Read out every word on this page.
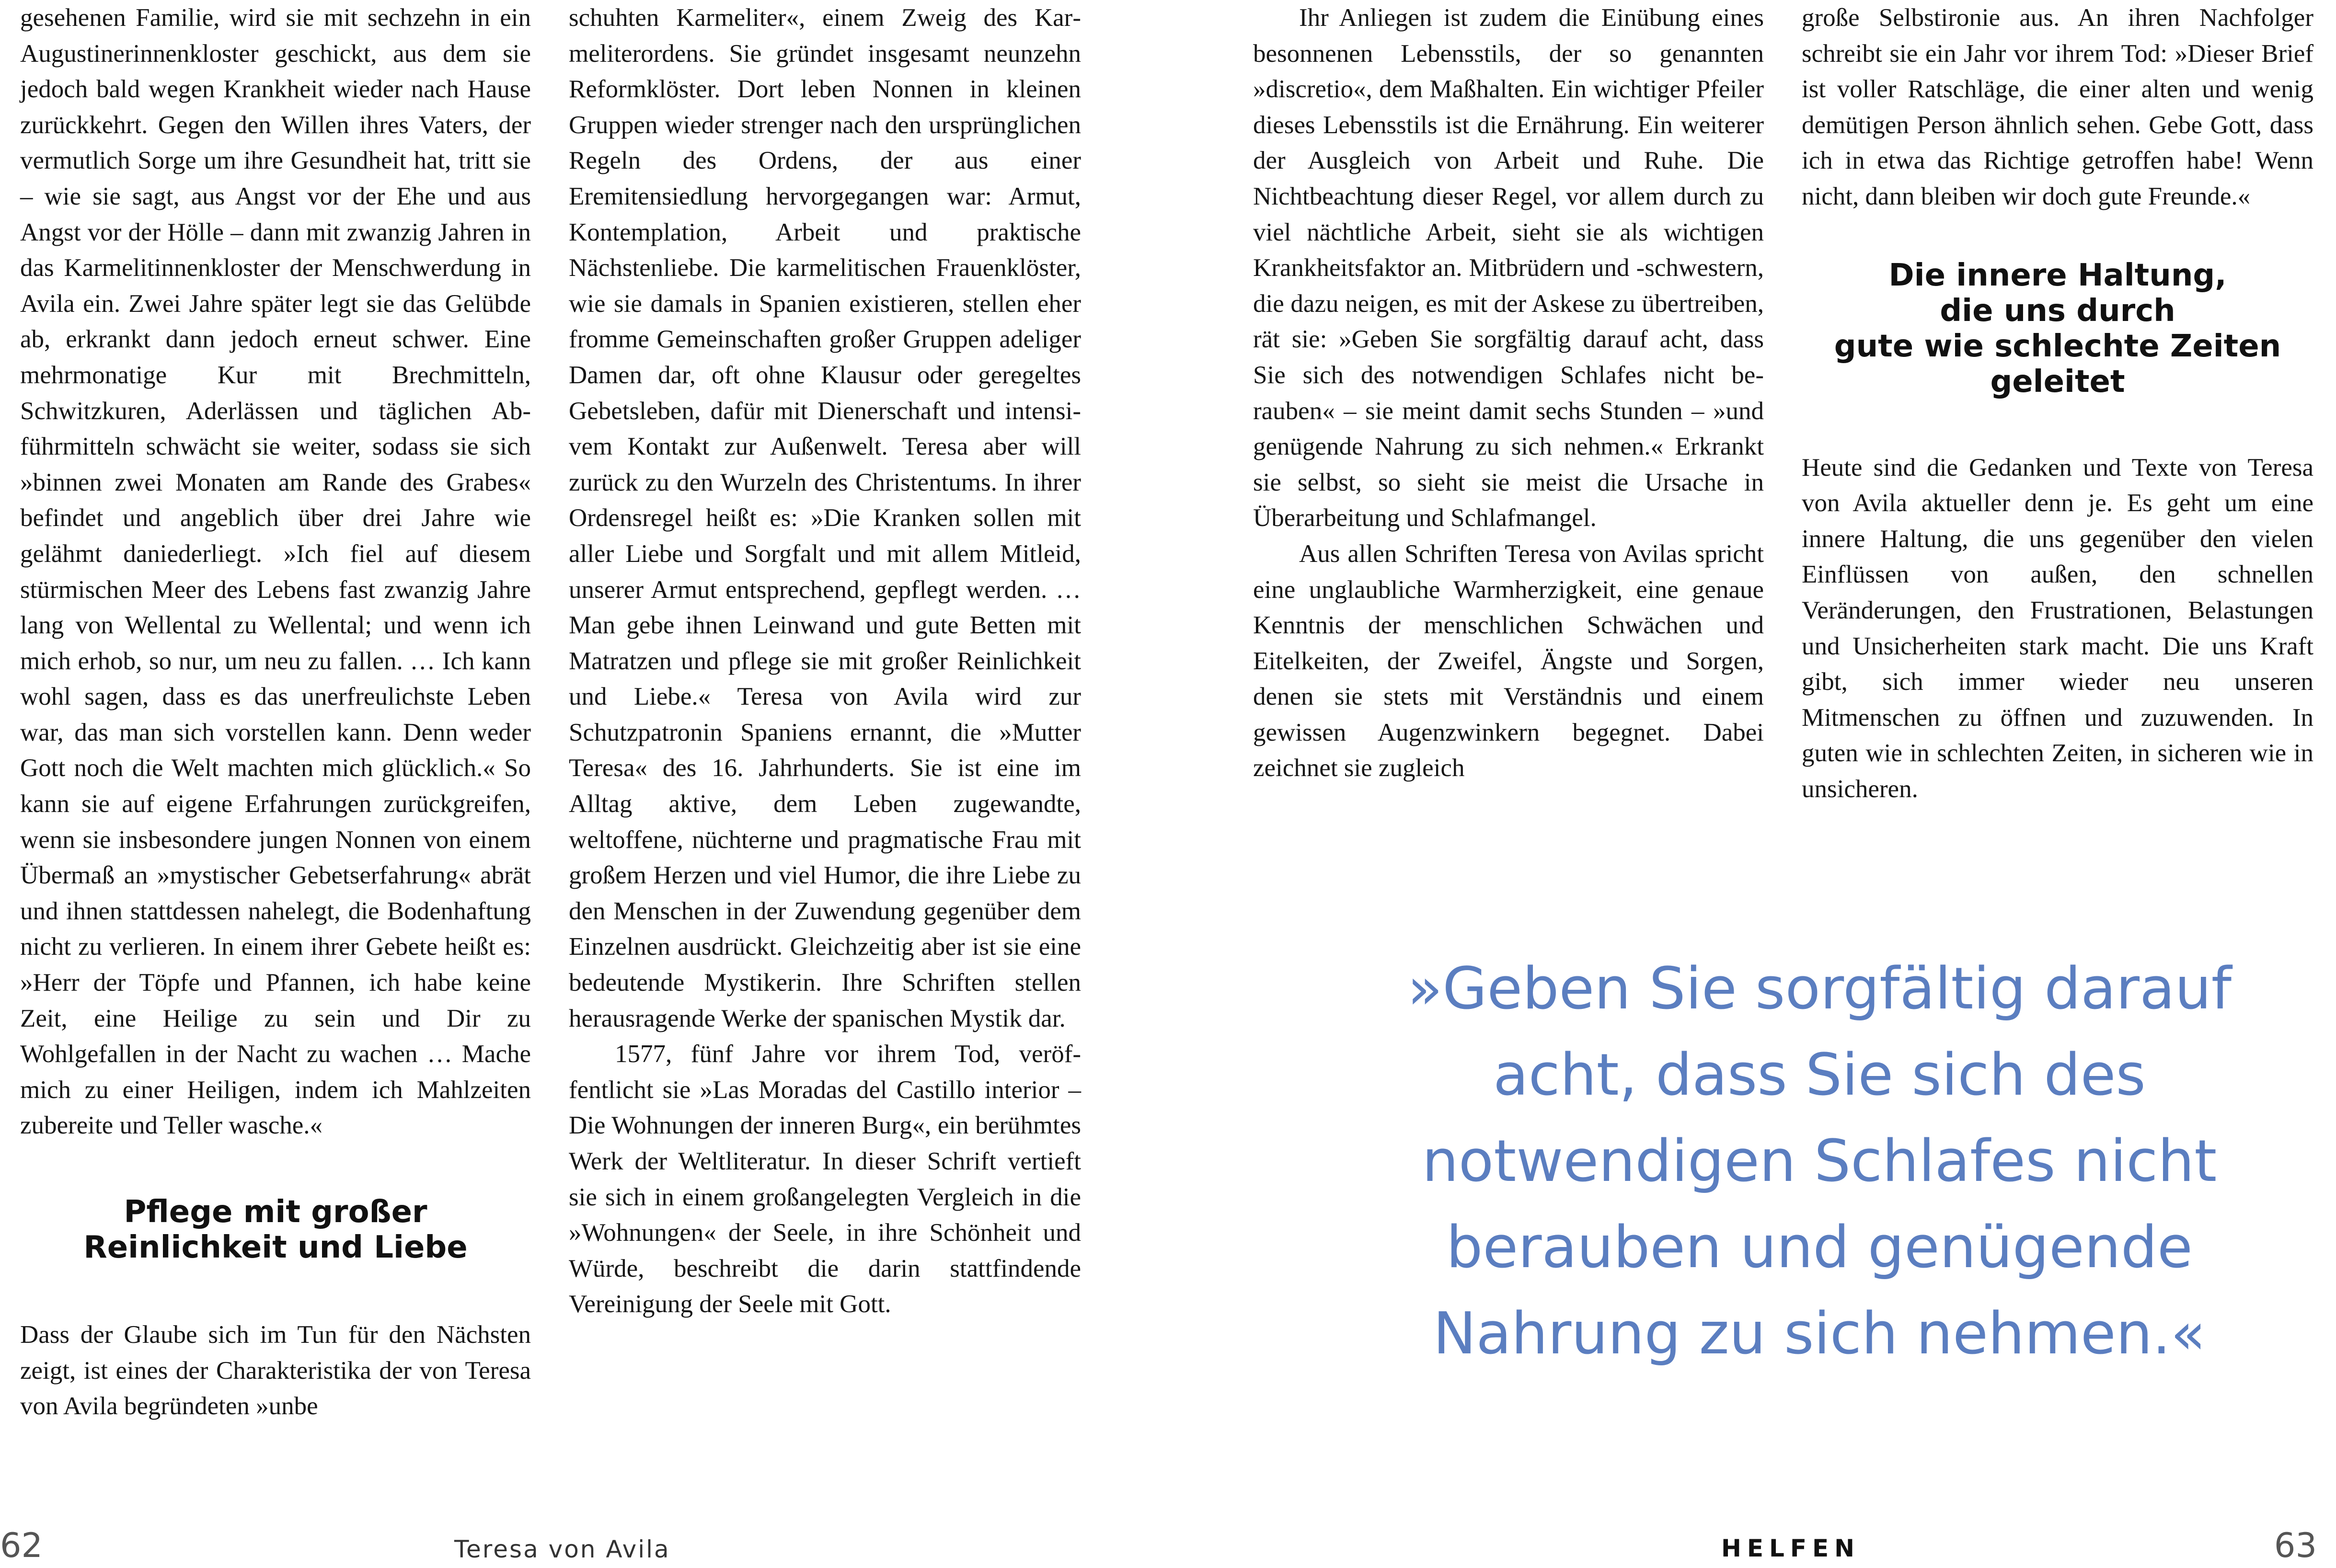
gesehenen Familie, wird sie mit sechzehn in ein Augustinerinnenkloster geschickt, aus dem sie jedoch bald wegen Krankheit wieder nach Hause zurückkehrt. Gegen den Willen ihres Vaters, der vermutlich Sorge um ihre Gesundheit hat, tritt sie – wie sie sagt, aus Angst vor der Ehe und aus Angst vor der Hölle – dann mit zwanzig Jahren in das Karmelitinnenkloster der Menschwerdung in Avila ein. Zwei Jahre später legt sie das Gelübde ab, erkrankt dann jedoch erneut schwer. Eine mehrmonatige Kur mit Brechmitteln, Schwitzkuren, Aderlässen und täglichen Abführmitteln schwächt sie weiter, sodass sie sich »binnen zwei Monaten am Rande des Grabes« befindet und angeblich über drei Jahre wie gelähmt daniederliegt. »Ich fiel auf diesem stürmischen Meer des Lebens fast zwanzig Jahre lang von Wellental zu Wellental; und wenn ich mich erhob, so nur, um neu zu fallen. … Ich kann wohl sagen, dass es das unerfreulichste Leben war, das man sich vorstellen kann. Denn weder Gott noch die Welt machten mich glücklich.« So kann sie auf eigene Erfahrungen zurückgreifen, wenn sie insbesondere jungen Nonnen von einem Übermaß an »mystischer Gebetserfahrung« abrät und ihnen stattdessen nahelegt, die Bodenhaftung nicht zu verlieren. In einem ihrer Gebete heißt es: »Herr der Töpfe und Pfannen, ich habe keine Zeit, eine Heilige zu sein und Dir zu Wohlgefallen in der Nacht zu wachen … Mache mich zu einer Heiligen, indem ich Mahlzeiten zubereite und Teller wasche.«

Pflege mit großer
Reinlichkeit und Liebe

Dass der Glaube sich im Tun für den Nächsten zeigt, ist eines der Charakteristika der von Teresa von Avila begründeten »unbe

schuhten Karmeliter«, einem Zweig des Karmeliterordens. Sie gründet insgesamt neunzehn Reformklöster. Dort leben Nonnen in kleinen Gruppen wieder strenger nach den ursprünglichen Regeln des Ordens, der aus einer Eremitensiedlung hervorgegangen war: Armut, Kontemplation, Arbeit und praktische Nächstenliebe. Die karmelitischen Frauenklöster, wie sie damals in Spanien existieren, stellen eher fromme Gemeinschaften großer Gruppen adeliger Damen dar, oft ohne Klausur oder geregeltes Gebetsleben, dafür mit Dienerschaft und intensivem Kontakt zur Außenwelt. Teresa aber will zurück zu den Wurzeln des Christentums. In ihrer Ordensregel heißt es: »Die Kranken sollen mit aller Liebe und Sorgfalt und mit allem Mitleid, unserer Armut entsprechend, gepflegt werden. … Man gebe ihnen Leinwand und gute Betten mit Matratzen und pflege sie mit großer Reinlichkeit und Liebe.« Teresa von Avila wird zur Schutzpatronin Spaniens ernannt, die »Mutter Teresa« des 16. Jahrhunderts. Sie ist eine im Alltag aktive, dem Leben zugewandte, weltoffene, nüchterne und pragmatische Frau mit großem Herzen und viel Humor, die ihre Liebe zu den Menschen in der Zuwendung gegenüber dem Einzelnen ausdrückt. Gleichzeitig aber ist sie eine bedeutende Mystikerin. Ihre Schriften stellen herausragende Werke der spanischen Mystik dar.

1577, fünf Jahre vor ihrem Tod, veröffentlicht sie »Las Moradas del Castillo interior – Die Wohnungen der inneren Burg«, ein berühmtes Werk der Weltliteratur. In dieser Schrift vertieft sie sich in einem großangelegten Vergleich in die »Wohnungen« der Seele, in ihre Schönheit und Würde, beschreibt die darin stattfindende Vereinigung der Seele mit Gott.

62	Teresa von Avila

Ihr Anliegen ist zudem die Einübung eines besonnenen Lebensstils, der so genannten »discretio«, dem Maßhalten. Ein wichtiger Pfeiler dieses Lebensstils ist die Ernährung. Ein weiterer der Ausgleich von Arbeit und Ruhe. Die Nichtbeachtung dieser Regel, vor allem durch zu viel nächtliche Arbeit, sieht sie als wichtigen Krankheitsfaktor an. Mitbrüdern und -schwestern, die dazu neigen, es mit der Askese zu übertreiben, rät sie: »Geben Sie sorgfältig darauf acht, dass Sie sich des notwendigen Schlafes nicht berauben« – sie meint damit sechs Stunden – »und genügende Nahrung zu sich nehmen.« Erkrankt sie selbst, so sieht sie meist die Ursache in Überarbeitung und Schlafmangel.

Aus allen Schriften Teresa von Avilas spricht eine unglaubliche Warmherzigkeit, eine genaue Kenntnis der menschlichen Schwächen und Eitelkeiten, der Zweifel, Ängste und Sorgen, denen sie stets mit Verständnis und einem gewissen Augenzwinkern begegnet. Dabei zeichnet sie zugleich

große Selbstironie aus. An ihren Nachfolger schreibt sie ein Jahr vor ihrem Tod: »Dieser Brief ist voller Ratschläge, die einer alten und wenig demütigen Person ähnlich sehen. Gebe Gott, dass ich in etwa das Richtige getroffen habe! Wenn nicht, dann bleiben wir doch gute Freunde.«

Die innere Haltung,
die uns durch
gute wie schlechte Zeiten
geleitet

Heute sind die Gedanken und Texte von Teresa von Avila aktueller denn je. Es geht um eine innere Haltung, die uns gegenüber den vielen Einflüssen von außen, den schnellen Veränderungen, den Frustrationen, Belastungen und Unsicherheiten stark macht. Die uns Kraft gibt, sich immer wieder neu unseren Mitmenschen zu öffnen und zuzuwenden. In guten wie in schlechten Zeiten, in sicheren wie in unsicheren.

»Geben Sie sorgfältig darauf
acht, dass Sie sich des
notwendigen Schlafes nicht
berauben und genügende
Nahrung zu sich nehmen.«
HELFEN	63
